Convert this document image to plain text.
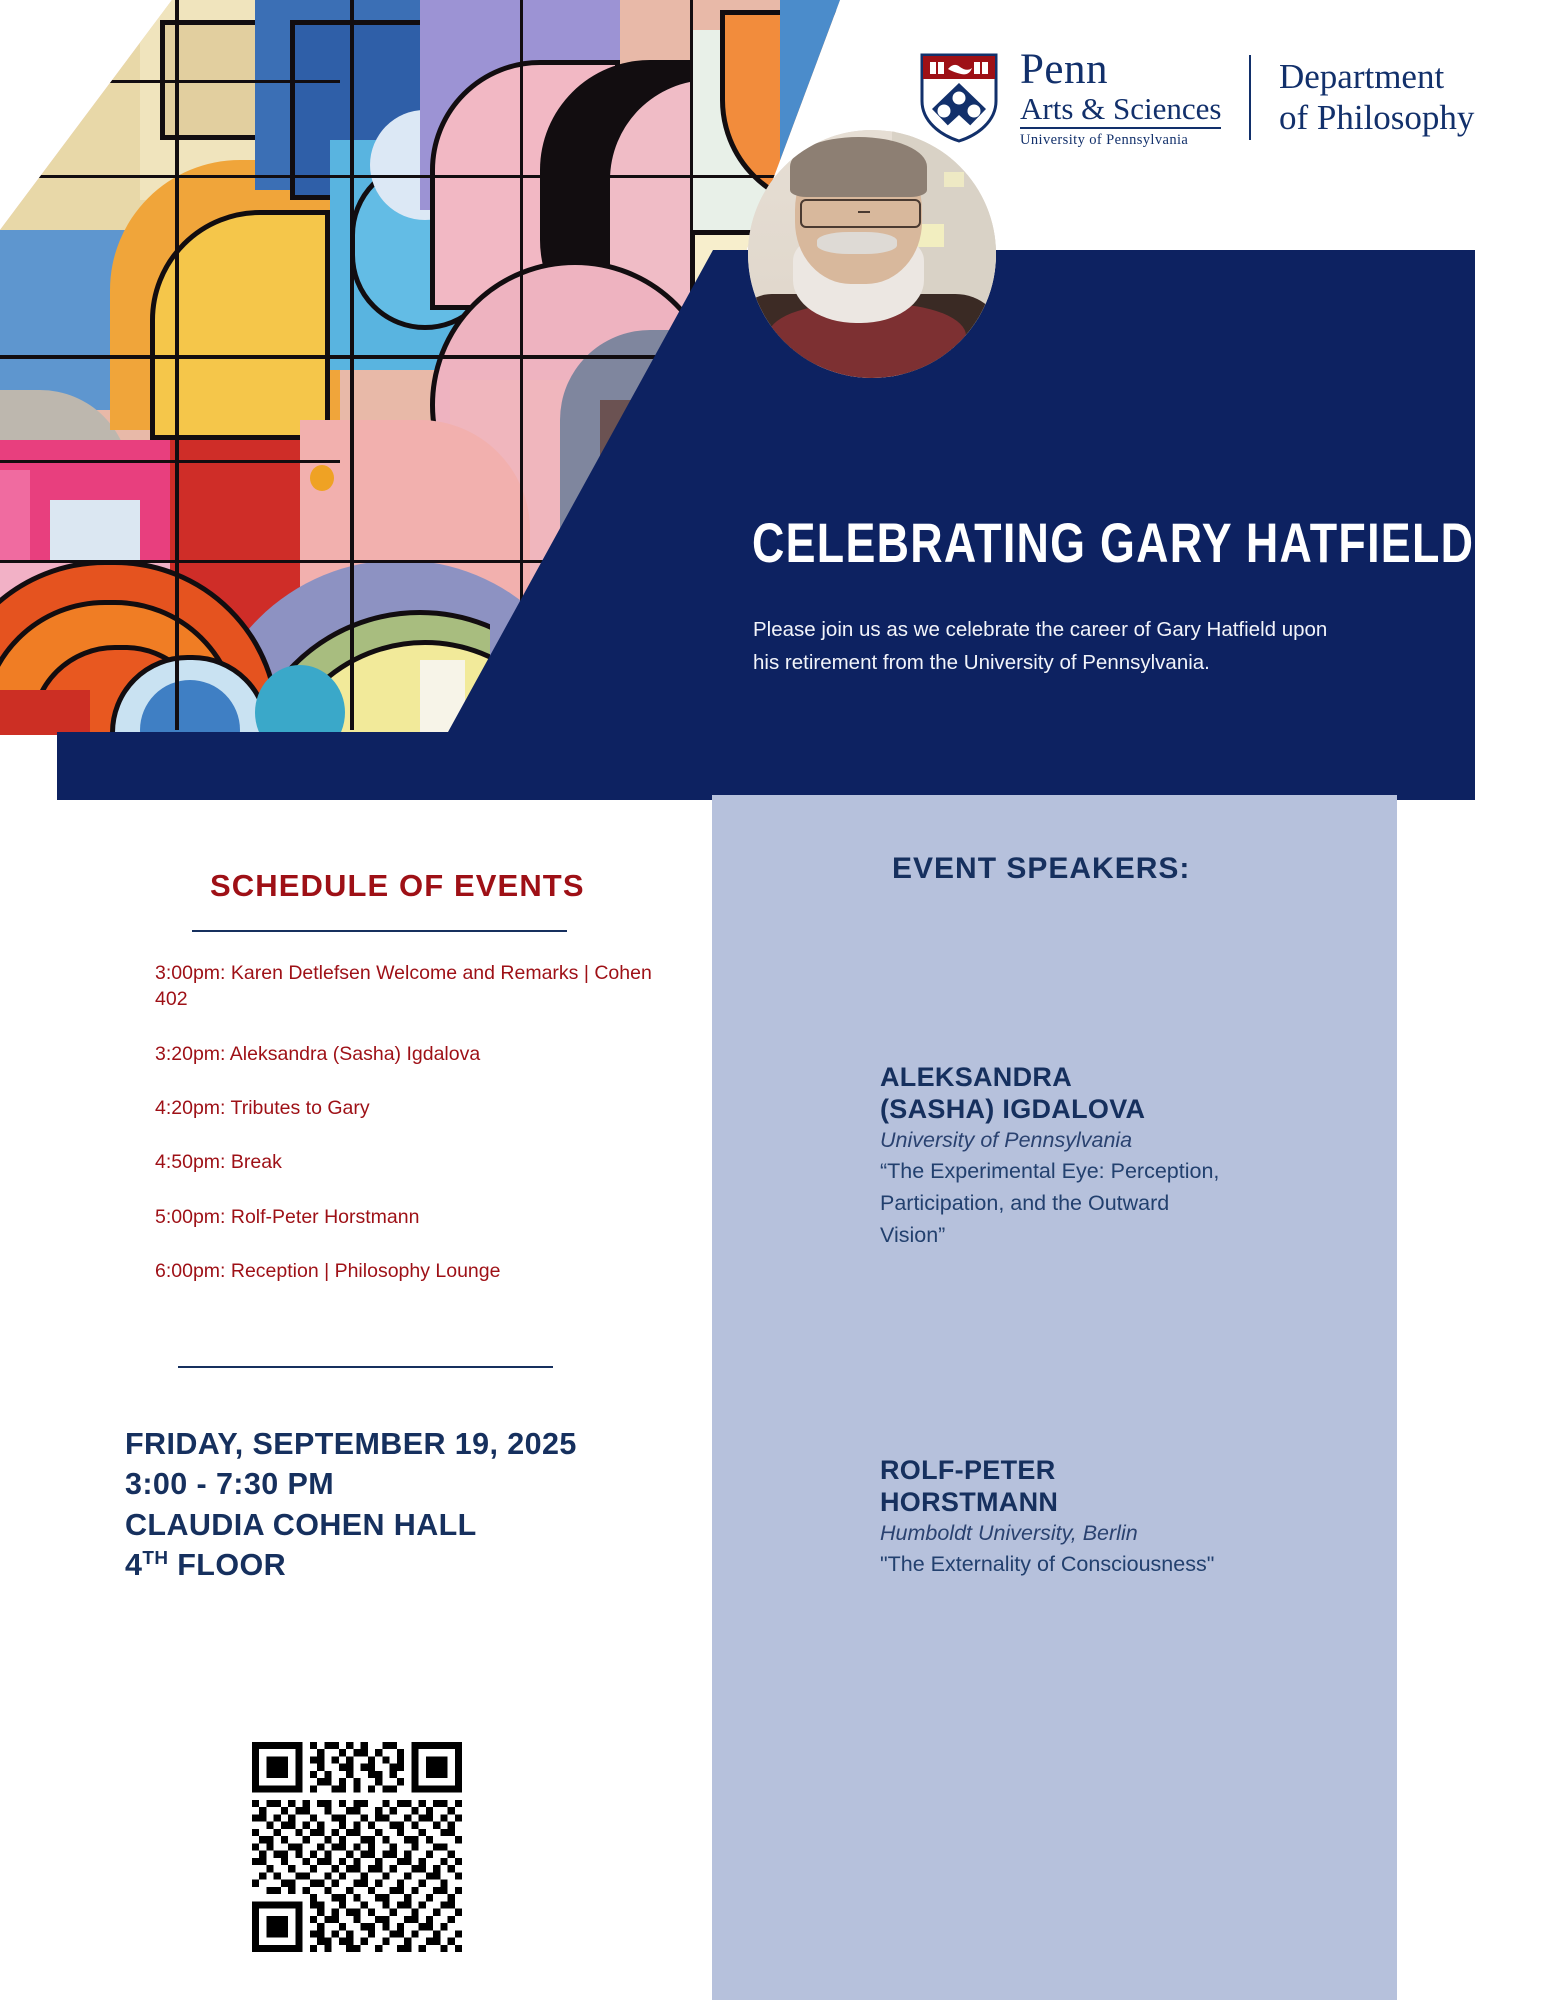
Penn
Arts & Sciences
University of Pennsylvania
Department
of Philosophy
CELEBRATING GARY HATFIELD
Please join us as we celebrate the career of Gary Hatfield upon his retirement from the University of Pennsylvania.
SCHEDULE OF EVENTS
3:00pm: Karen Detlefsen Welcome and Remarks | Cohen 402
3:20pm: Aleksandra (Sasha) Igdalova
4:20pm: Tributes to Gary
4:50pm: Break
5:00pm: Rolf-Peter Horstmann
6:00pm: Reception | Philosophy Lounge
FRIDAY, SEPTEMBER 19, 2025
3:00 - 7:30 PM
CLAUDIA COHEN HALL
4TH FLOOR
EVENT SPEAKERS:
ALEKSANDRA
(SASHA) IGDALOVA
University of Pennsylvania
“The Experimental Eye: Perception, Participation, and the Outward Vision”
ROLF-PETER
HORSTMANN
Humboldt University, Berlin
"The Externality of Consciousness"
